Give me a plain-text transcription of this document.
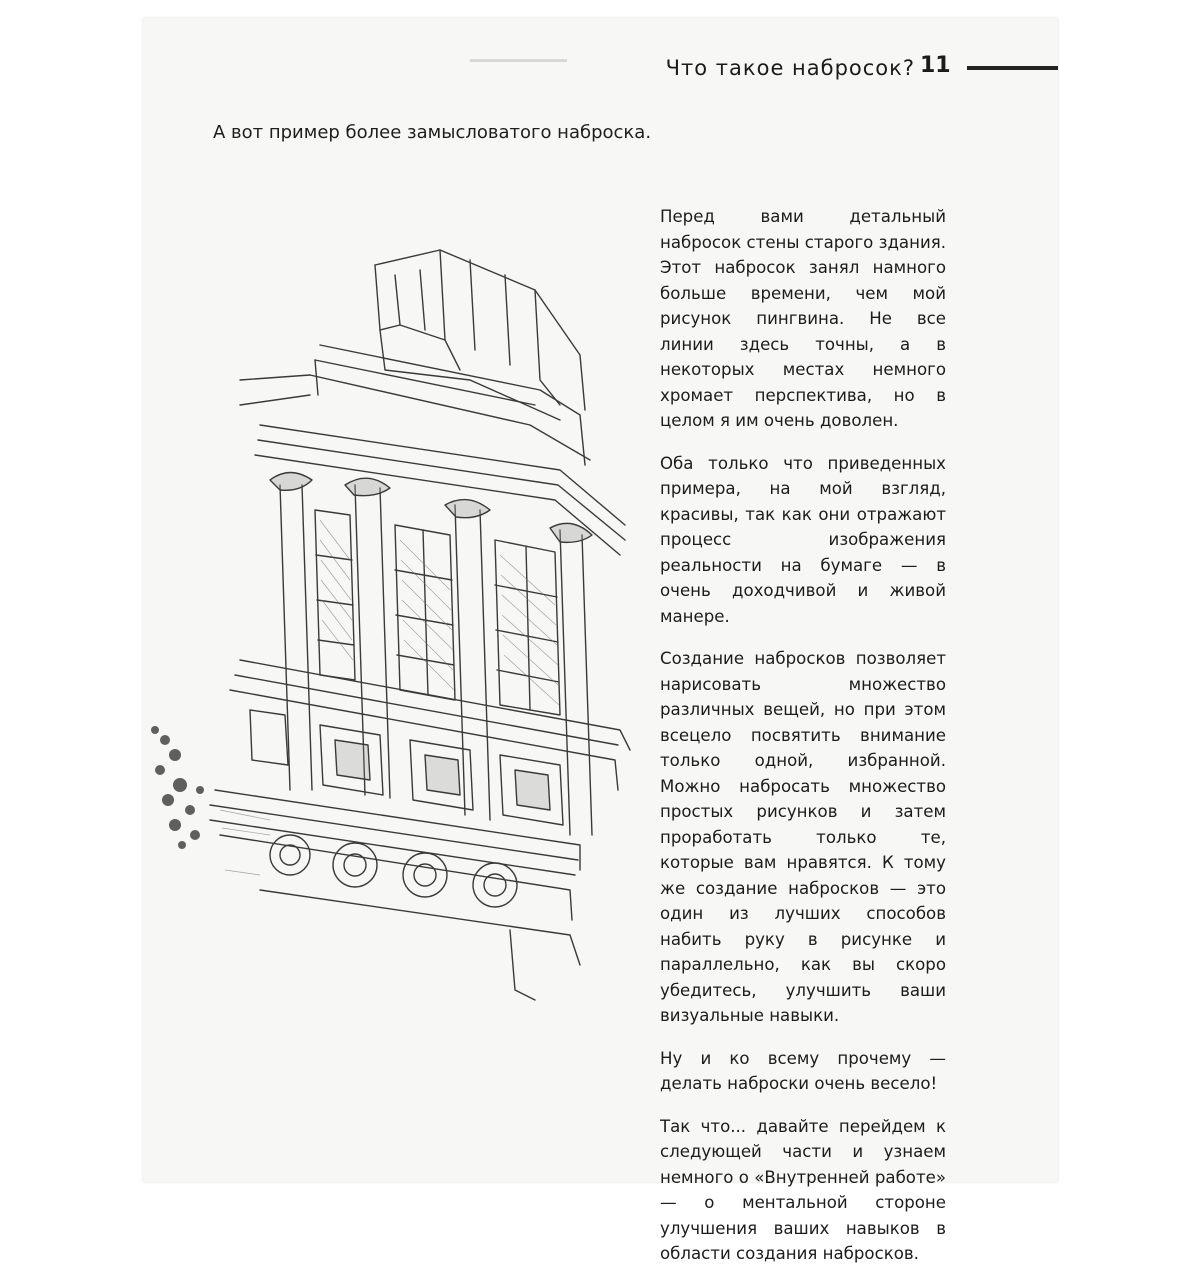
▔▔▔▔▔▔▔	Что такое набросок? 11
А вот пример более замысловатого наброска.

Перед вами детальный набросок стены старого здания. Этот набросок занял намного больше времени, чем мой рисунок пингвина. Не все линии здесь точны, а в некоторых местах немного хромает перспектива, но в целом я им очень доволен.

Оба только что приведенных примера, на мой взгляд, красивы, так как они отражают процесс изображения реальности на бумаге — в очень доходчивой и живой манере.

Создание набросков позволяет нарисовать множество различных вещей, но при этом всецело посвятить внимание только одной, избранной. Можно набросать множество простых рисунков и затем проработать только те, которые вам нравятся. К тому же создание набросков — это один из лучших способов набить руку в рисунке и параллельно, как вы скоро убедитесь, улучшить ваши визуальные навыки.

Ну и ко всему прочему — делать наброски очень весело!

Так что... давайте перейдем к следующей части и узнаем немного о «Внутренней работе» — о ментальной стороне улучшения ваших навыков в области создания набросков.
